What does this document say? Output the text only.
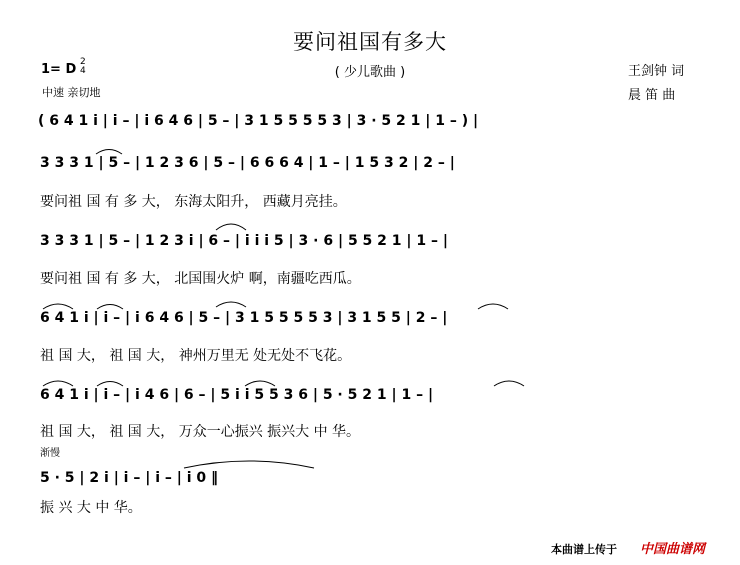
要问祖国有多大
( 少儿歌曲 )
1= D 2
4
中速 亲切地
王剑钟 词
晨 笛 曲
( 6 4 1 i | i – | i 6 4 6 | 5 – | 3 1 5 5 5 5 3 | 3 · 5 2 1 | 1 – ) |
3 3 3 1 | 5 – | 1 2 3 6 | 5 – | 6 6 6 4 | 1 – | 1 5 3 2 | 2 – |
要问祖 国 有 多 大， 东海太阳升， 西藏月亮挂。
3 3 3 1 | 5 – | 1 2 3 i | 6 – | i i i 5 | 3 · 6 | 5 5 2 1 | 1 – |
要问祖 国 有 多 大， 北国围火炉 啊，南疆吃西瓜。
6 4 1 i | i – | i 6 4 6 | 5 – | 3 1 5 5 5 5 3 | 3 1 5 5 | 2 – |
祖 国 大， 祖 国 大， 神州万里无 处无处不飞花。
6 4 1 i | i – | i 4 6 | 6 – | 5 i i 5 5 3 6 | 5 · 5 2 1 | 1 – |
祖 国 大， 祖 国 大， 万众一心振兴 振兴大 中 华。
渐慢
5 · 5 | 2 i | i – | i – | i 0 ‖
振 兴 大 中 华。
本曲谱上传于 中国曲谱网
